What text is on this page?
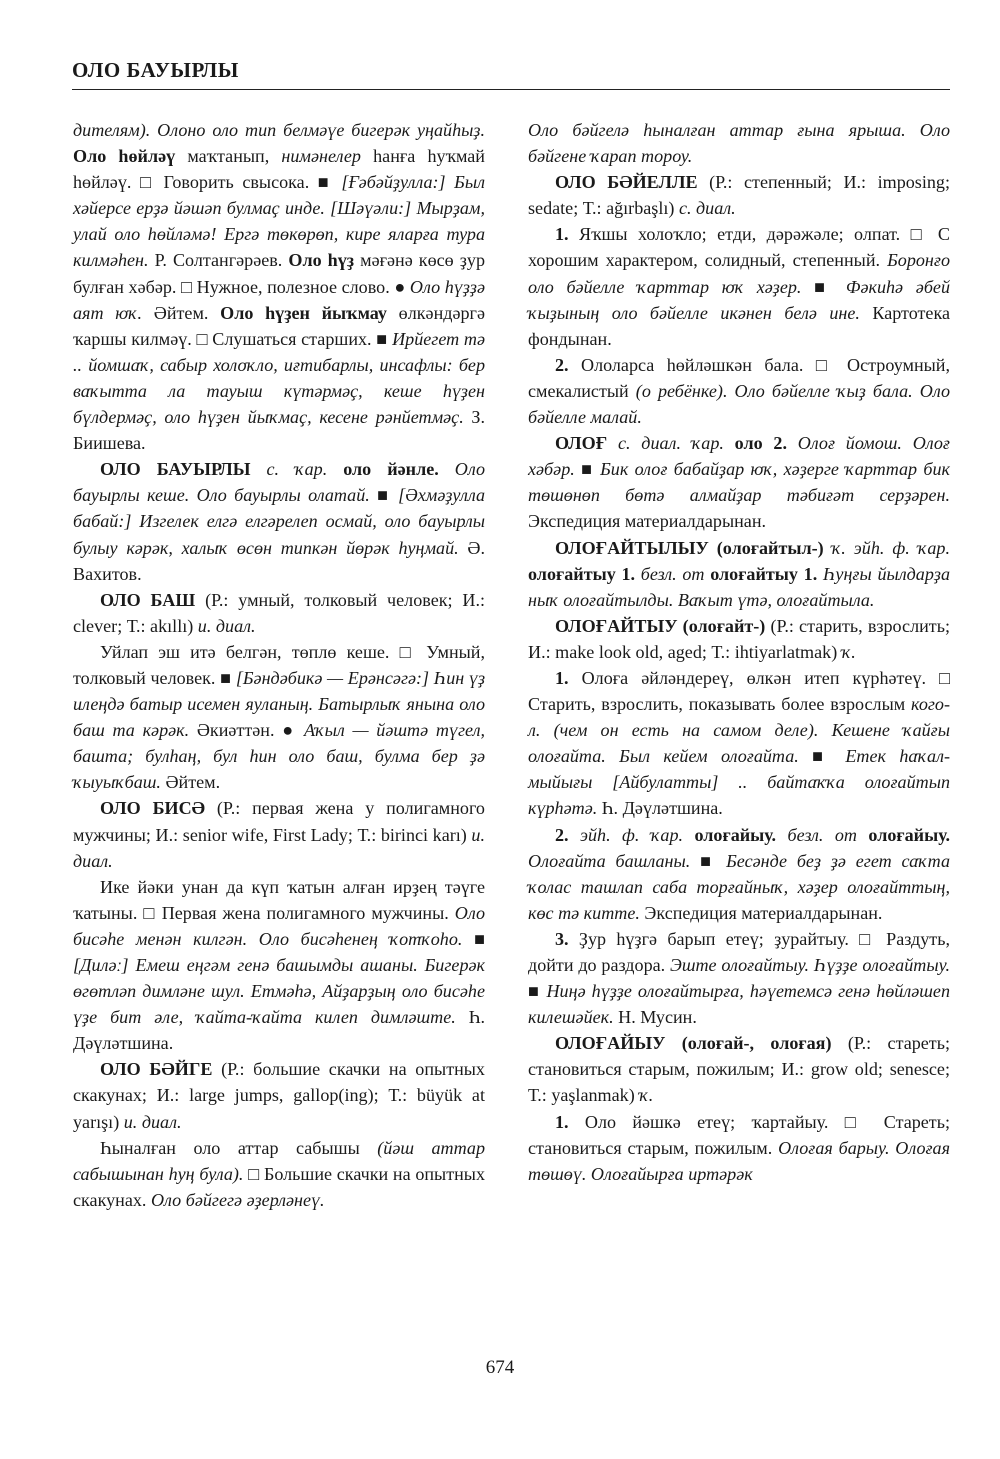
ОЛО БАУЫРЛЫ

дителям). Олоно оло тип белмәүе бигерәк уңайһыҙ. Оло һөйләү маҡтанып, нимәнелер һанға һуҡмай һөйләү. □ Говорить свысока. ■ [Ғәбәйҙулла:] Был хәйерсе ерҙә йәшәп булмаҫ инде. [Шәүәли:] Мырҙам, улай оло һөйләмә! Ергә төкөрөп, кире яларға тура килмәһен. Р. Солтангәрәев. Оло һүҙ мәғәнә көсө ҙур булған хәбәр. □ Нужное, полезное слово. ● Оло һүҙҙә аят юҡ. Әйтем. Оло һүҙен йыҡмау өлкәндәргә ҡаршы килмәү. □ Слушаться старших. ■ Ирйегет тә .. йомшаҡ, сабыр холоҡло, иғтибарлы, инсафлы: бер ваҡытта ла тауыш күтәрмәҫ, кеше һүҙен бүлдермәҫ, оло һүҙен йыҡмаҫ, кесене рәнйетмәҫ. З. Биишева.

ОЛО БАУЫРЛЫ с. ҡар. оло йәнле. Оло бауырлы кеше. Оло бауырлы олатай. ■ [Әхмәҙулла бабай:] Изгелек елгә елгәрелеп осмай, оло бауырлы булыу кәрәк, халыҡ өсөн типкән йөрәк һуңмай. Ә. Вахитов.

ОЛО БАШ (Р.: умный, толковый человек; И.: clever; Т.: akıllı) и. диал.

Уйлап эш итә белгән, төплө кеше. □ Умный, толковый человек. ■ [Бәндәбикә — Ерәнсәгә:] Һин үҙ илеңдә батыр исемен яуланың. Батырлыҡ янына оло баш та кәрәк. Әкиәттән. ● Аҡыл — йәштә түгел, башта; булһаң, бул һин оло баш, булма бер ҙә ҡыуыҡбаш. Әйтем.

ОЛО БИСӘ (Р.: первая жена у полигамного мужчины; И.: senior wife, First Lady; Т.: birinci karı) и. диал.

Ике йәки унан да күп ҡатын алған ирҙең тәүге ҡатыны. □ Первая жена полигамного мужчины. Оло бисәһе менән килгән. Оло бисәһенең ҡотҡоһо. ■ [Диләː] Емеш еңгәм генә башымды ашаны. Бигерәк өгөтләп димләне шул. Етмәһә, Айҙарҙың оло бисәһе үҙе бит әле, ҡайта-ҡайта килеп димләште. Һ. Дәүләтшина.

ОЛО БӘЙГЕ (Р.: большие скачки на опытных скакунах; И.: large jumps, gallop(ing); Т.: büyük at yarışı) и. диал.

Һыналған оло аттар сабышы (йәш аттар сабышынан һуң була). □ Большие скачки на опытных скакунах. Оло бәйгегә әҙерләнеү.

Оло бәйгелә һыналған аттар ғына ярыша. Оло бәйгене ҡарап тороу.

ОЛО БӘЙЕЛЛЕ (Р.: степенный; И.: imposing; sedate; Т.: ağırbaşlı) с. диал.

1. Яҡшы холоҡло; етди, дәрәжәле; олпат. □ С хорошим характером, солидный, степенный. Боронғо оло бәйелле ҡарттар юҡ хәҙер. ■ Фәкиһә әбей ҡыҙының оло бәйелле икәнен белә ине. Картотека фондынан.

2. Ололарса һөйләшкән бала. □ Остроумный, смекалистый (о ребёнке). Оло бәйелле ҡыҙ бала. Оло бәйелле малай.

ОЛОҒ с. диал. ҡар. оло 2. Олоғ йомош. Олоғ хәбәр. ■ Бик олоғ бабайҙар юҡ, хәҙерге ҡарттар бик төшөнөп бөтә алмайҙар тәбиғәт серҙәрен. Экспедиция материалдарынан.

ОЛОҒАЙТЫЛЫУ (олоғайтыл-) ҡ. эйһ. ф. ҡар. олоғайтыу 1. безл. от олоғайтыу 1. Һуңғы йылдарҙа ныҡ олоғайтылды. Ваҡыт үтә, олоғайтыла.

ОЛОҒАЙТЫУ (олоғайт-) (Р.: старить, взрослить; И.: make look old, aged; Т.: ihtiyarlatmak) ҡ.

1. Олоға әйләндереү, өлкән итеп күрһәтеү. □ Старить, взрослить, показывать более взрослым кого-л. (чем он есть на самом деле). Кешене ҡайғы олоғайта. Был кейем олоғайта. ■ Етек һаҡал-мыйығы [Айбулатты] .. байтаҡҡа олоғайтып күрһәтә. Һ. Дәүләтшина.

2. эйһ. ф. ҡар. олоғайыу. безл. от олоғайыу. Олоғайта башланы. ■ Бесәнде беҙ ҙә егет саҡта ҡолас ташлап саба торғайныҡ, хәҙер олоғайттың, көс тә китте. Экспедиция материалдарынан.

3. Ҙур һүҙгә барып етеү; ҙурайтыу. □ Раздуть, дойти до раздора. Эште олоғайтыу. Һүҙҙе олоғайтыу. ■ Ниңә һүҙҙе олоғайтырға, һәүетемсә генә һөйләшеп килешәйек. Н. Мусин.

ОЛОҒАЙЫУ (олоғай-, олоғая) (Р.: стареть; становиться старым, пожилым; И.: grow old; senesce; Т.: yaşlanmak) ҡ.

1. Оло йәшкә етеү; ҡартайыу. □ Стареть; становиться старым, пожилым. Олоғая барыу. Олоғая төшөү. Олоғайырға иртәрәк

674
